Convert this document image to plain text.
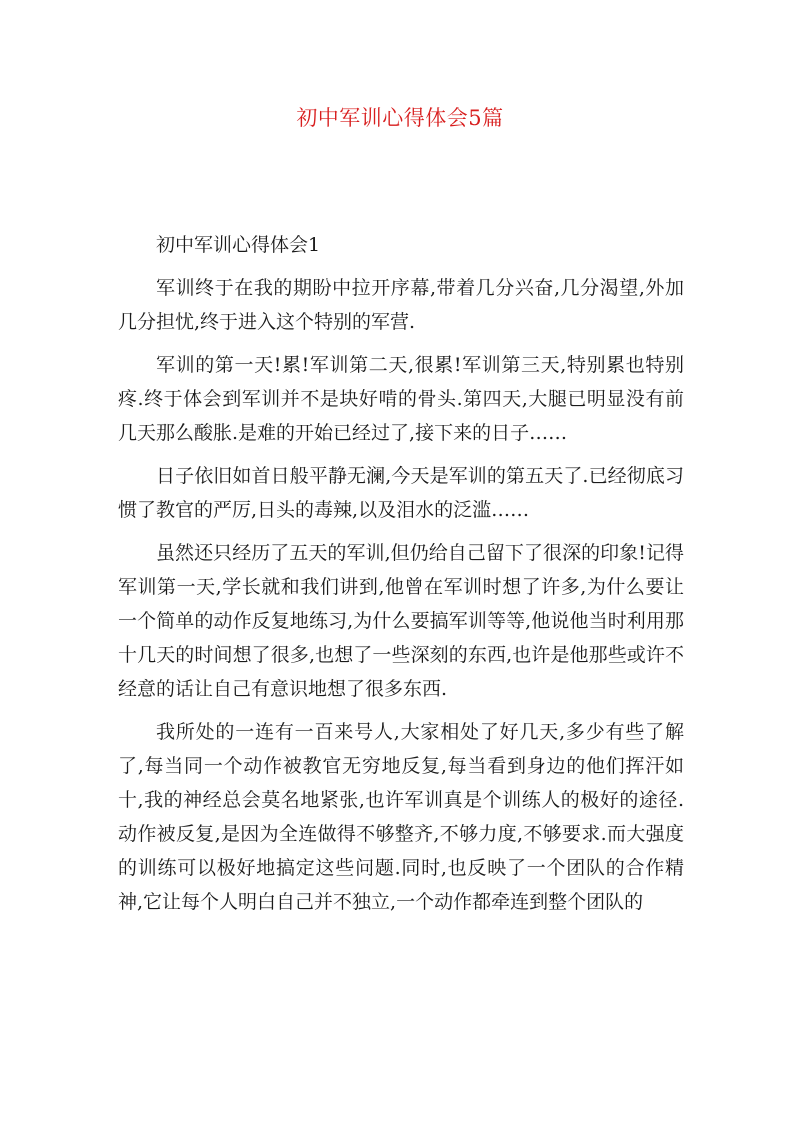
初中军训心得体会5篇
初中军训心得体会1

军训终于在我的期盼中拉开序幕,带着几分兴奋,几分渴望,外加几分担忧,终于进入这个特别的军营.

军训的第一天!累!军训第二天,很累!军训第三天,特别累也特别疼.终于体会到军训并不是块好啃的骨头.第四天,大腿已明显没有前几天那么酸胀.是难的开始已经过了,接下来的日子……

日子依旧如首日般平静无澜,今天是军训的第五天了.已经彻底习惯了教官的严厉,日头的毒辣,以及泪水的泛滥……

虽然还只经历了五天的军训,但仍给自己留下了很深的印象!记得军训第一天,学长就和我们讲到,他曾在军训时想了许多,为什么要让一个简单的动作反复地练习,为什么要搞军训等等,他说他当时利用那十几天的时间想了很多,也想了一些深刻的东西,也许是他那些或许不经意的话让自己有意识地想了很多东西.

我所处的一连有一百来号人,大家相处了好几天,多少有些了解了,每当同一个动作被教官无穷地反复,每当看到身边的他们挥汗如十,我的神经总会莫名地紧张,也许军训真是个训练人的极好的途径.动作被反复,是因为全连做得不够整齐,不够力度,不够要求.而大强度的训练可以极好地搞定这些问题.同时,也反映了一个团队的合作精神,它让每个人明白自己并不独立,一个动作都牵连到整个团队的
